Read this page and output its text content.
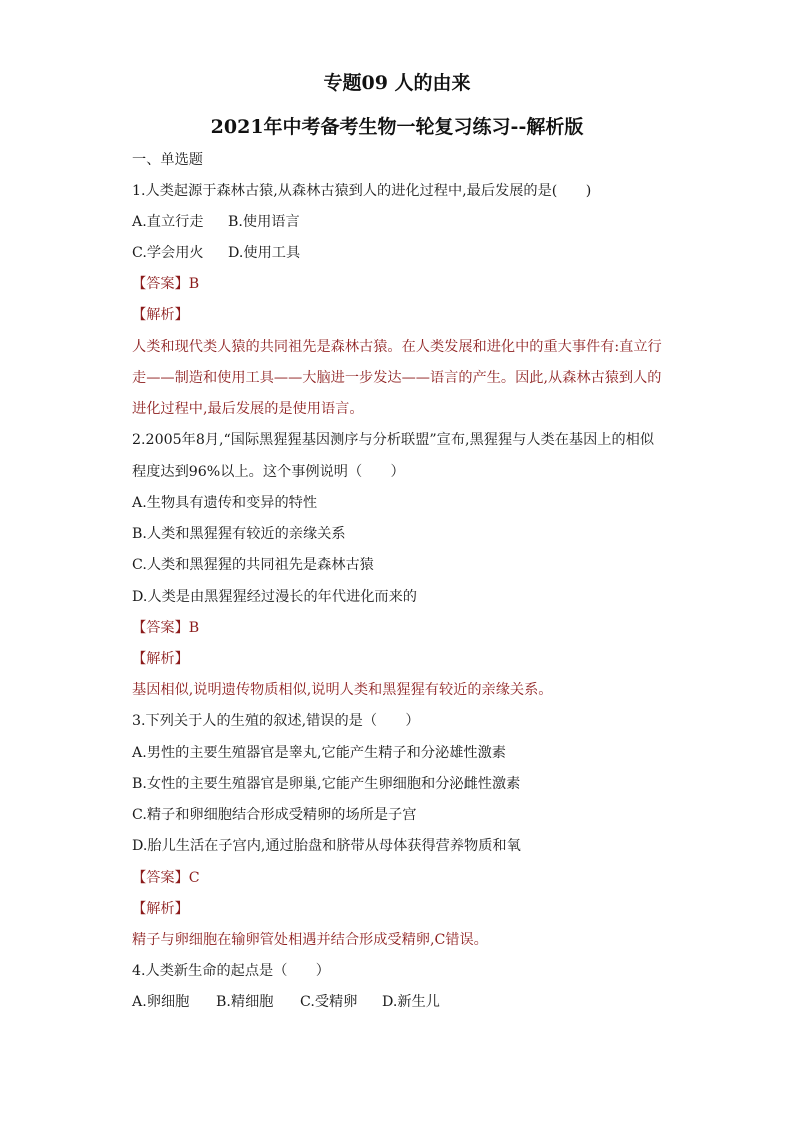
专题09 人的由来
2021年中考备考生物一轮复习练习--解析版
一、单选题
1.人类起源于森林古猿,从森林古猿到人的进化过程中,最后发展的是(　　)
A.直立行走 B.使用语言
C.学会用火 D.使用工具
【答案】B
【解析】
人类和现代类人猿的共同祖先是森林古猿。在人类发展和进化中的重大事件有:直立行
走——制造和使用工具——大脑进一步发达——语言的产生。因此,从森林古猿到人的
进化过程中,最后发展的是使用语言。
2.2005年8月,“国际黑猩猩基因测序与分析联盟”宣布,黑猩猩与人类在基因上的相似
程度达到96%以上。这个事例说明（　　）
A.生物具有遗传和变异的特性
B.人类和黑猩猩有较近的亲缘关系
C.人类和黑猩猩的共同祖先是森林古猿
D.人类是由黑猩猩经过漫长的年代进化而来的
【答案】B
【解析】
基因相似,说明遗传物质相似,说明人类和黑猩猩有较近的亲缘关系。
3.下列关于人的生殖的叙述,错误的是（　　）
A.男性的主要生殖器官是睾丸,它能产生精子和分泌雄性激素
B.女性的主要生殖器官是卵巢,它能产生卵细胞和分泌雌性激素
C.精子和卵细胞结合形成受精卵的场所是子宫
D.胎儿生活在子宫内,通过胎盘和脐带从母体获得营养物质和氧
【答案】C
【解析】
精子与卵细胞在输卵管处相遇并结合形成受精卵,C错误。
4.人类新生命的起点是（　　）
A.卵细胞 B.精细胞 C.受精卵 D.新生儿
